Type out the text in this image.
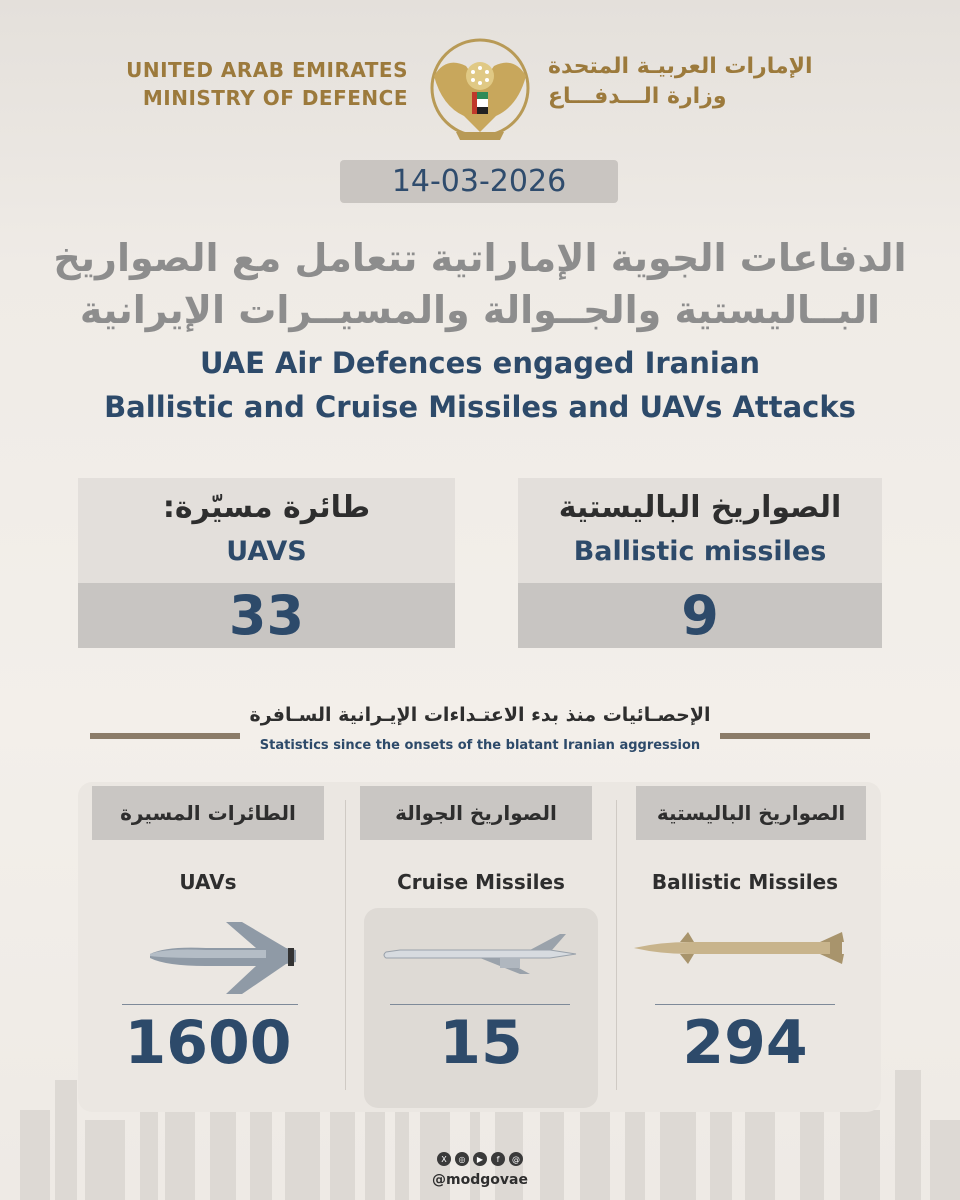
UNITED ARAB EMIRATES
MINISTRY OF DEFENCE
الإمارات العربيـة المتحدة
وزارة الـــدفـــاع
14-03-2026
الدفاعات الجوية الإماراتية تتعامل مع الصواريخ
البــاليستية والجــوالة والمسيــرات الإيرانية
UAE Air Defences engaged Iranian
Ballistic and Cruise Missiles and UAVs Attacks
طائرة مسيّرة:
UAVS
33
الصواريخ الباليستية
Ballistic missiles
9
الإحصـائيات منذ بدء الاعتـداءات الإيـرانية السـافرة
Statistics since the onsets of the blatant Iranian aggression
الطائرات المسيرة
UAVs
1600
الصواريخ الجوالة
Cruise Missiles
15
الصواريخ الباليستية
Ballistic Missiles
294
X	◎	▶	f	@
@modgovae
